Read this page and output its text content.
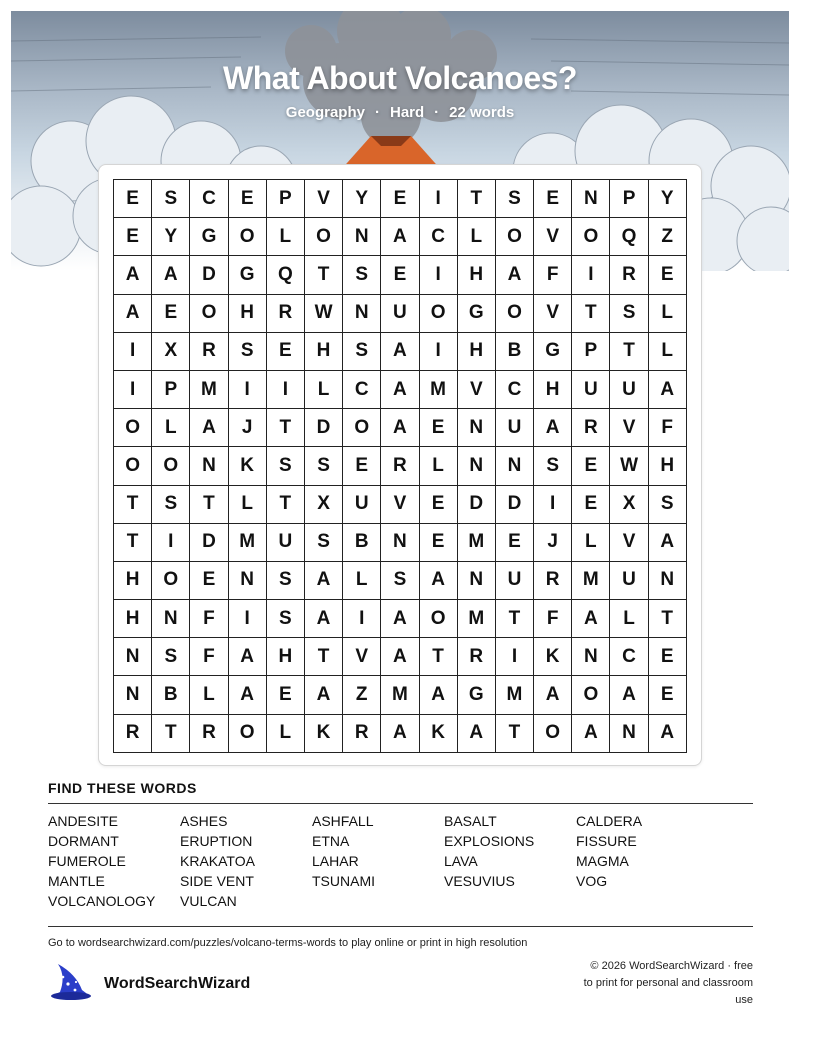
What About Volcanoes?
Geography · Hard · 22 words
E	S	C	E	P	V	Y	E	I	T	S	E	N	P	Y
E	Y	G	O	L	O	N	A	C	L	O	V	O	Q	Z
A	A	D	G	Q	T	S	E	I	H	A	F	I	R	E
A	E	O	H	R	W	N	U	O	G	O	V	T	S	L
I	X	R	S	E	H	S	A	I	H	B	G	P	T	L
I	P	M	I	I	L	C	A	M	V	C	H	U	U	A
O	L	A	J	T	D	O	A	E	N	U	A	R	V	F
O	O	N	K	S	S	E	R	L	N	N	S	E	W	H
T	S	T	L	T	X	U	V	E	D	D	I	E	X	S
T	I	D	M	U	S	B	N	E	M	E	J	L	V	A
H	O	E	N	S	A	L	S	A	N	U	R	M	U	N
H	N	F	I	S	A	I	A	O	M	T	F	A	L	T
N	S	F	A	H	T	V	A	T	R	I	K	N	C	E
N	B	L	A	E	A	Z	M	A	G	M	A	O	A	E
R	T	R	O	L	K	R	A	K	A	T	O	A	N	A
FIND THESE WORDS
ANDESITE	ASHES	ASHFALL	BASALT	CALDERA
DORMANT	ERUPTION	ETNA	EXPLOSIONS	FISSURE
FUMEROLE	KRAKATOA	LAHAR	LAVA	MAGMA
MANTLE	SIDE VENT	TSUNAMI	VESUVIUS	VOG
VOLCANOLOGY	VULCAN
Go to wordsearchwizard.com/puzzles/volcano-terms-words to play online or print in high resolution
WordSearchWizard
© 2026 WordSearchWizard · free to print for personal and classroom use
